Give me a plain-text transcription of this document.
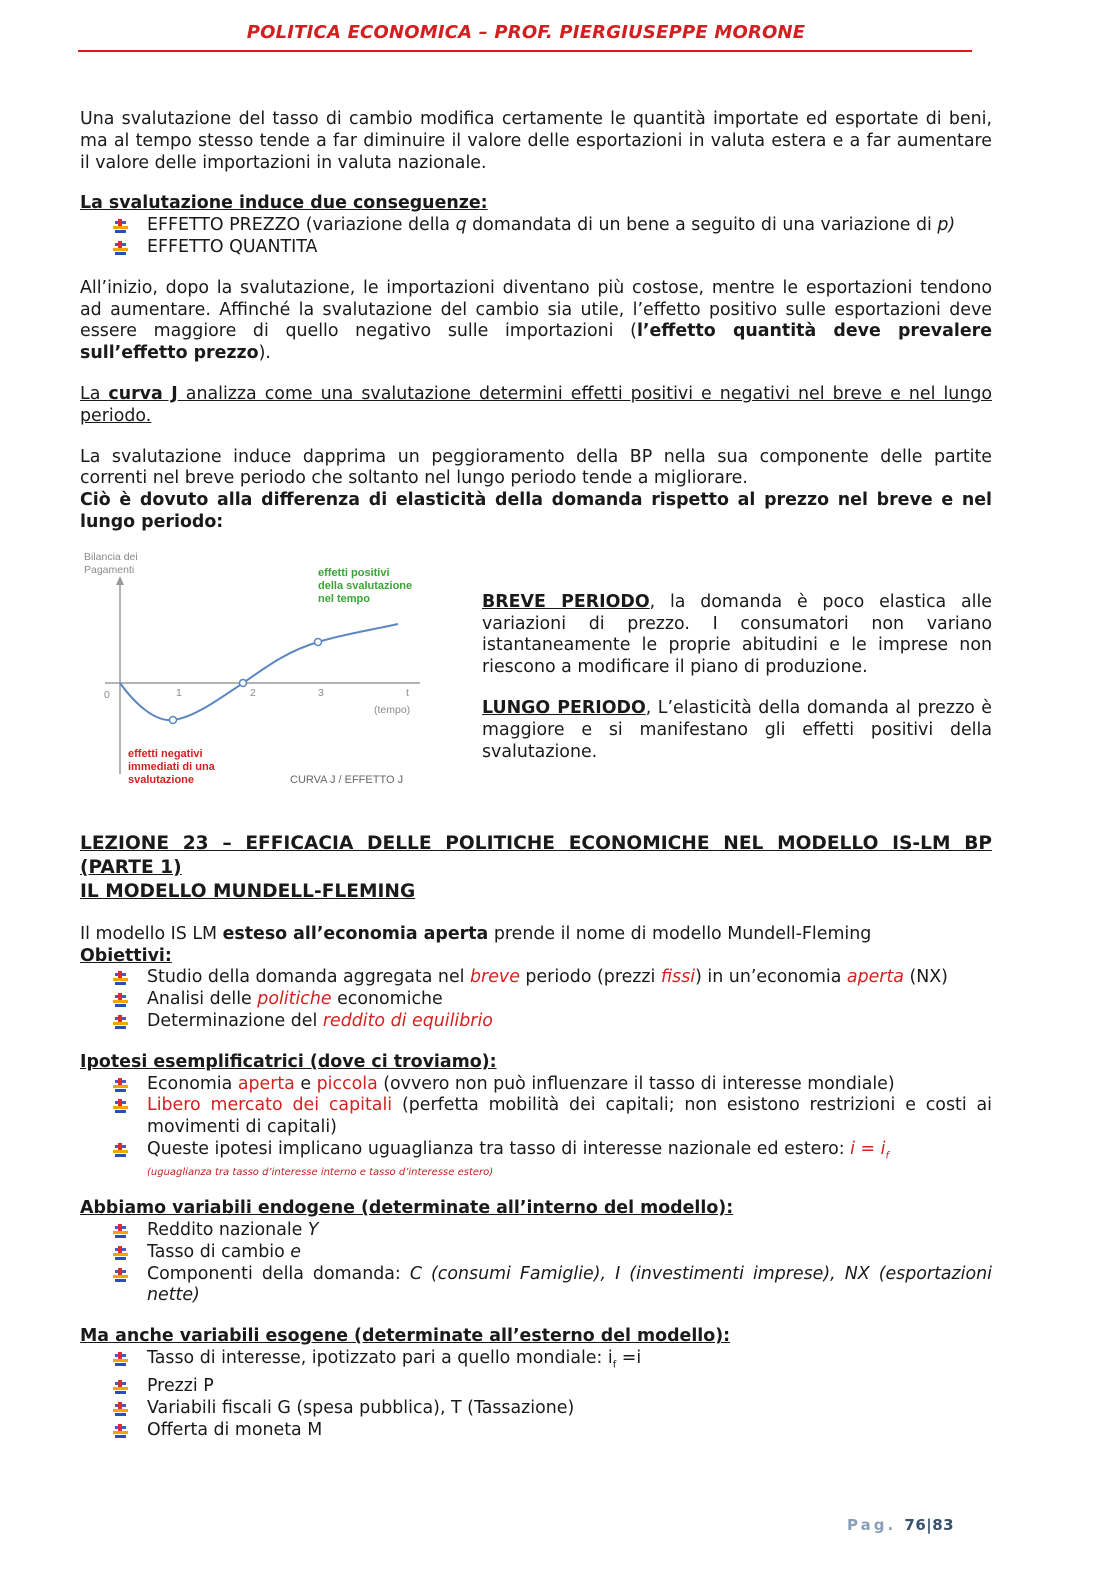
POLITICA ECONOMICA – PROF. PIERGIUSEPPE MORONE

Una svalutazione del tasso di cambio modifica certamente le quantità importate ed esportate di beni, ma al tempo stesso tende a far diminuire il valore delle esportazioni in valuta estera e a far aumentare il valore delle importazioni in valuta nazionale.

La svalutazione induce due conseguenze:

EFFETTO PREZZO (variazione della q domandata di un bene a seguito di una variazione di p)
EFFETTO QUANTITA

All’inizio, dopo la svalutazione, le importazioni diventano più costose, mentre le esportazioni tendono ad aumentare. Affinché la svalutazione del cambio sia utile, l’effetto positivo sulle esportazioni deve essere maggiore di quello negativo sulle importazioni (l’effetto quantità deve prevalere sull’effetto prezzo).

La curva J analizza come una svalutazione determini effetti positivi e negativi nel breve e nel lungo periodo.

La svalutazione induce dapprima un peggioramento della BP nella sua componente delle partite correnti nel breve periodo che soltanto nel lungo periodo tende a migliorare.

Ciò è dovuto alla differenza di elasticità della domanda rispetto al prezzo nel breve e nel lungo periodo:

Bilancia dei
Pagamenti
0	1	2	3	t
(tempo)
effetti positivi
della svalutazione
nel tempo
effetti negativi
immediati di una
svalutazione	CURVA J / EFFETTO J

BREVE PERIODO, la domanda è poco elastica alle variazioni di prezzo. I consumatori non variano istantaneamente le proprie abitudini e le imprese non riescono a modificare il piano di produzione.

LUNGO PERIODO, L’elasticità della domanda al prezzo è maggiore e si manifestano gli effetti positivi della svalutazione.

LEZIONE 23 – EFFICACIA DELLE POLITICHE ECONOMICHE NEL MODELLO IS-LM BP (PARTE 1)

IL MODELLO MUNDELL-FLEMING

Il modello IS LM esteso all’economia aperta prende il nome di modello Mundell-Fleming

Obiettivi:

Studio della domanda aggregata nel breve periodo (prezzi fissi) in un’economia aperta (NX)
Analisi delle politiche economiche
Determinazione del reddito di equilibrio

Ipotesi esemplificatrici (dove ci troviamo):

Economia aperta e piccola (ovvero non può influenzare il tasso di interesse mondiale)
Libero mercato dei capitali (perfetta mobilità dei capitali; non esistono restrizioni e costi ai movimenti di capitali)
Queste ipotesi implicano uguaglianza tra tasso di interesse nazionale ed estero: $i = i_f$
(uguaglianza tra tasso d’interesse interno e tasso d’interesse estero)

Abbiamo variabili endogene (determinate all’interno del modello):

Reddito nazionale Y
Tasso di cambio e
Componenti della domanda: C (consumi Famiglie), I (investimenti imprese), NX (esportazioni nette)

Ma anche variabili esogene (determinate all’esterno del modello):

Tasso di interesse, ipotizzato pari a quello mondiale: $i_f =i$
Prezzi P
Variabili fiscali G (spesa pubblica), T (Tassazione)
Offerta di moneta M
Pag. 76|83
